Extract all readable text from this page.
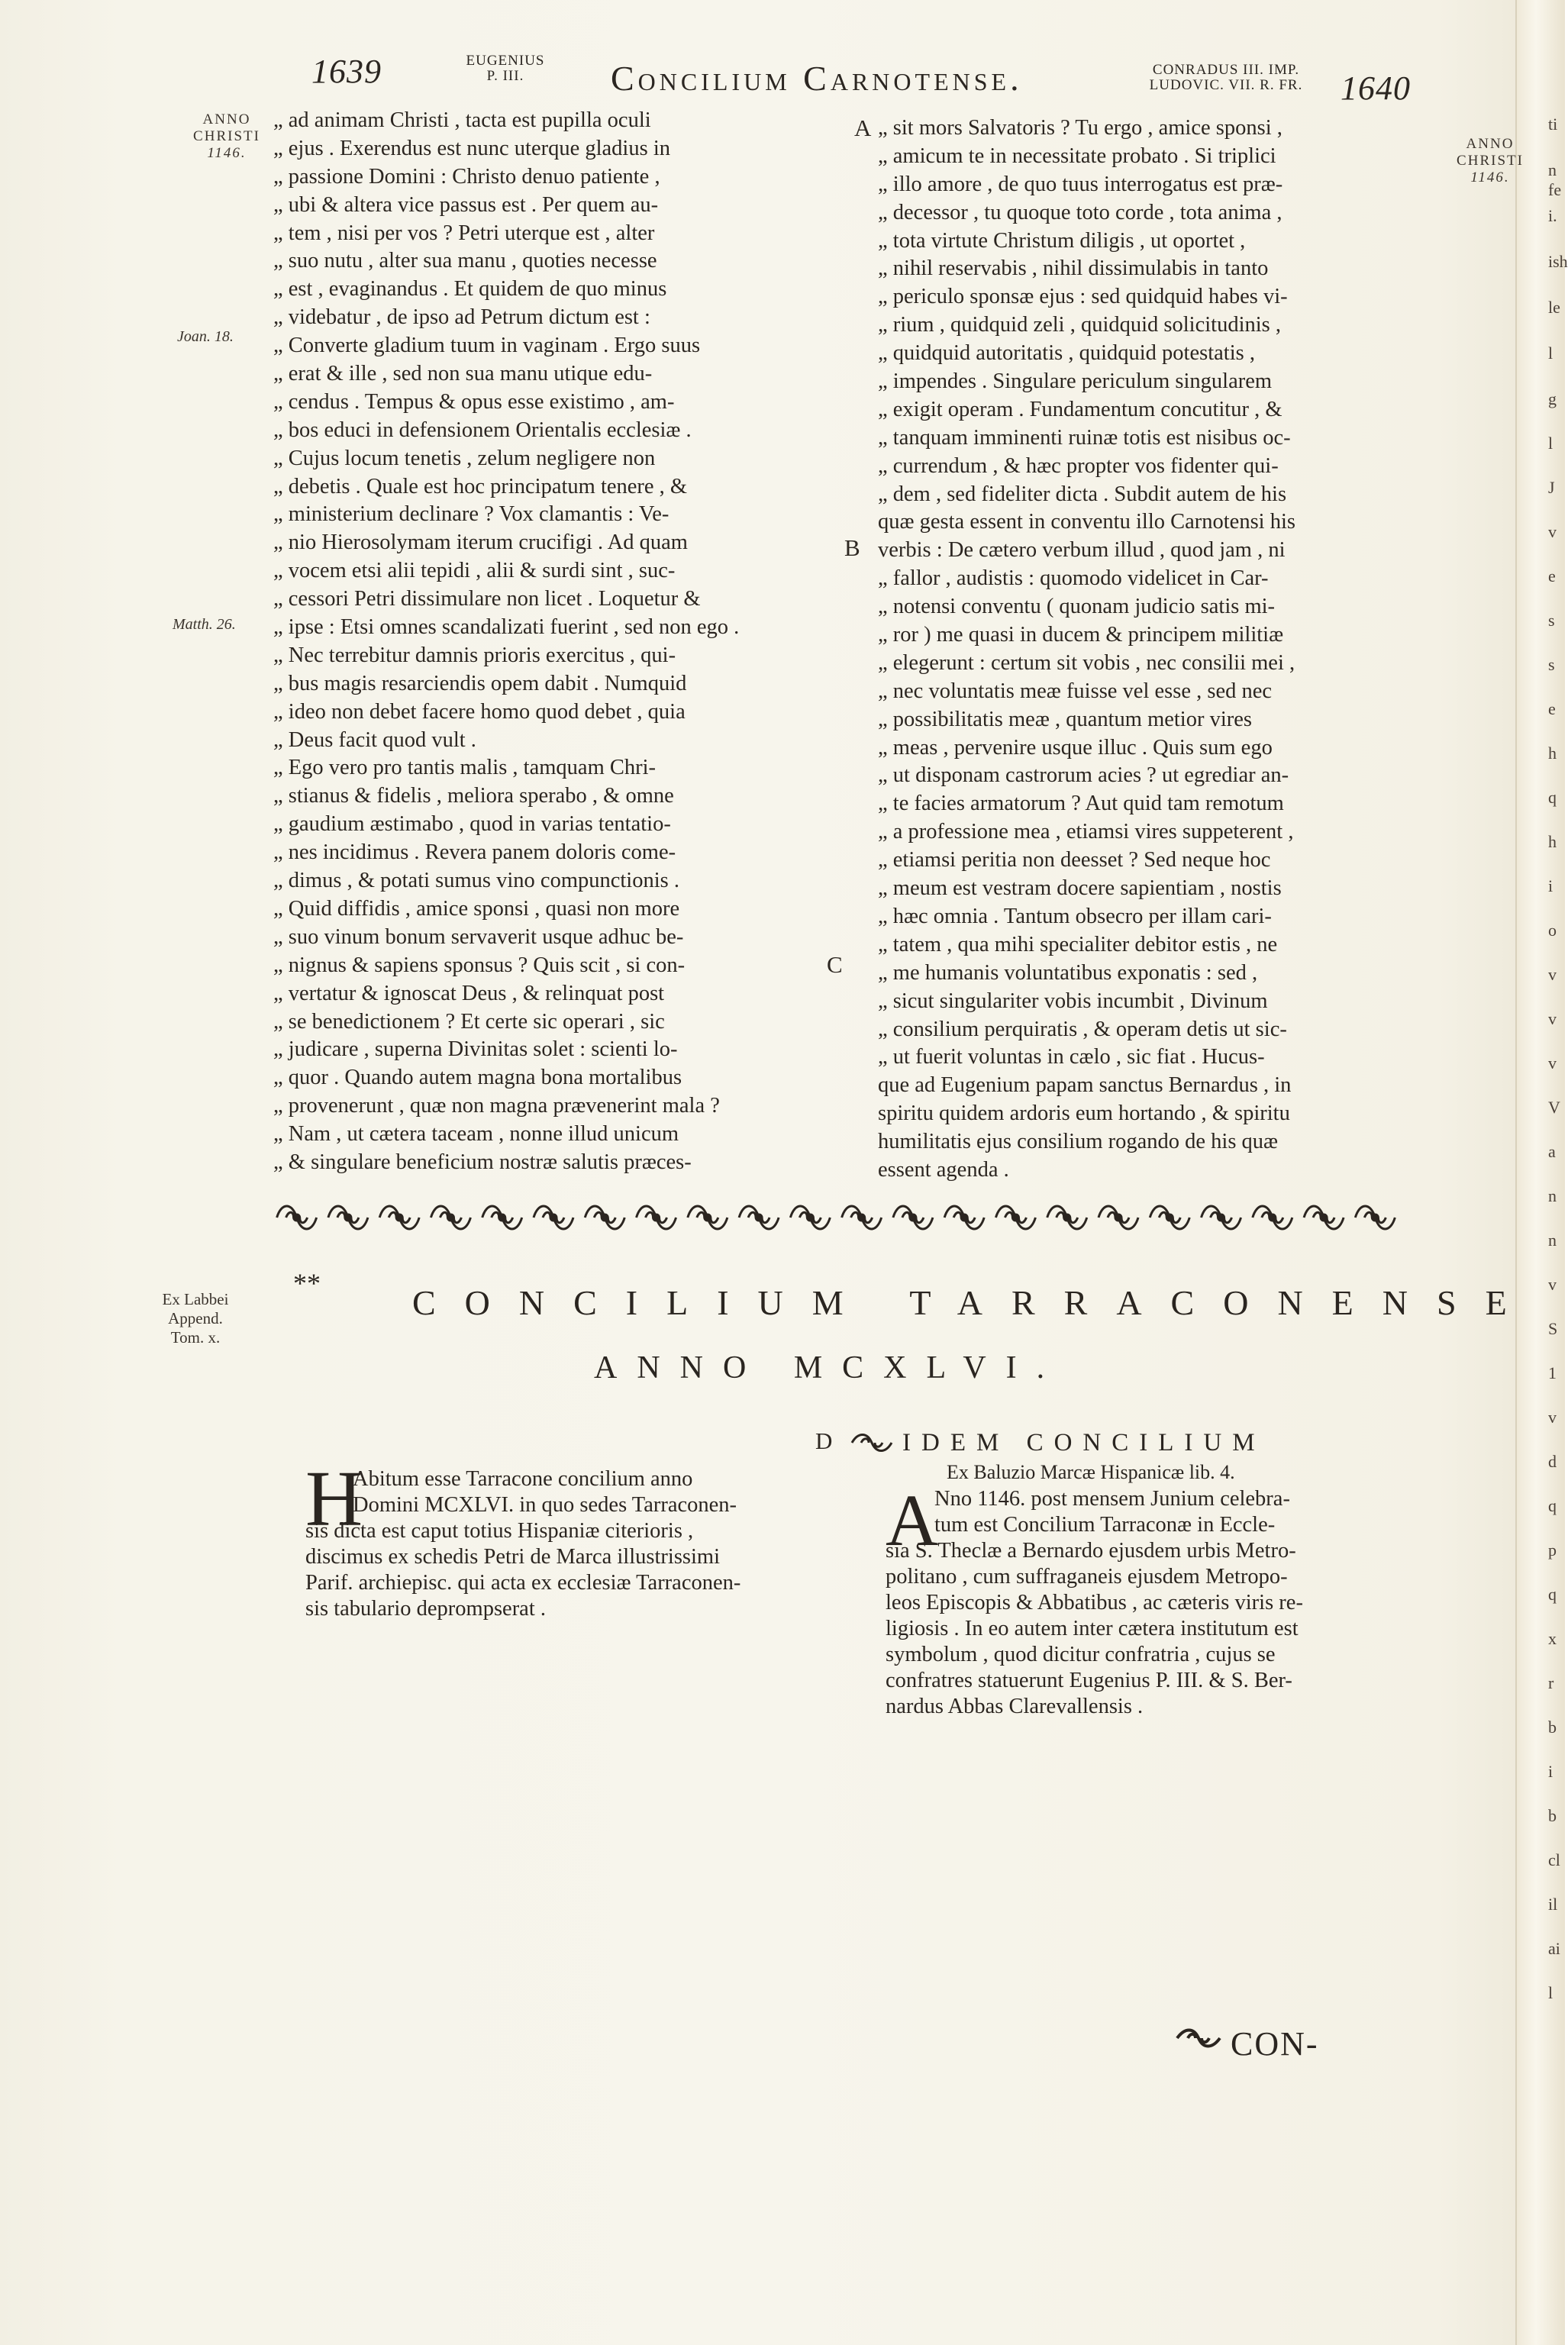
ti
n fe
i.
ish
le
l
g
l
J
v
e
s
s
e
h
q
h
i
o
v
v
v
V
a
n
n
v
S
1
v
d
q
p
q
x
r
b
i
b
cl
il
ai
l
1639	EUGENIUS
P. III.	Concilium Carnotense.	CONRADUS III. IMP.
LUDOVIC. VII. R. FR.	1640
ANNO
CHRISTI
1146.
Joan. 18.
Matth. 26.
ANNO
CHRISTI
1146.
A
B
C
D
„ ad animam Christi , tacta est pupilla oculi
„ ejus . Exerendus est nunc uterque gladius in
„ passione Domini : Christo denuo patiente ,
„ ubi & altera vice passus est . Per quem au-
„ tem , nisi per vos ? Petri uterque est , alter
„ suo nutu , alter sua manu , quoties necesse
„ est , evaginandus . Et quidem de quo minus
„ videbatur , de ipso ad Petrum dictum est :
„ Converte gladium tuum in vaginam . Ergo suus
„ erat & ille , sed non sua manu utique edu-
„ cendus . Tempus & opus esse existimo , am-
„ bos educi in defensionem Orientalis ecclesiæ .
„ Cujus locum tenetis , zelum negligere non
„ debetis . Quale est hoc principatum tenere , &
„ ministerium declinare ? Vox clamantis : Ve-
„ nio Hierosolymam iterum crucifigi . Ad quam
„ vocem etsi alii tepidi , alii & surdi sint , suc-
„ cessori Petri dissimulare non licet . Loquetur &
„ ipse : Etsi omnes scandalizati fuerint , sed non ego .
„ Nec terrebitur damnis prioris exercitus , qui-
„ bus magis resarciendis opem dabit . Numquid
„ ideo non debet facere homo quod debet , quia
„ Deus facit quod vult .
„ Ego vero pro tantis malis , tamquam Chri-
„ stianus & fidelis , meliora sperabo , & omne
„ gaudium æstimabo , quod in varias tentatio-
„ nes incidimus . Revera panem doloris come-
„ dimus , & potati sumus vino compunctionis .
„ Quid diffidis , amice sponsi , quasi non more
„ suo vinum bonum servaverit usque adhuc be-
„ nignus & sapiens sponsus ? Quis scit , si con-
„ vertatur & ignoscat Deus , & relinquat post
„ se benedictionem ? Et certe sic operari , sic
„ judicare , superna Divinitas solet : scienti lo-
„ quor . Quando autem magna bona mortalibus
„ provenerunt , quæ non magna prævenerint mala ?
„ Nam , ut cætera taceam , nonne illud unicum
„ & singulare beneficium nostræ salutis præces-
„ sit mors Salvatoris ? Tu ergo , amice sponsi ,
„ amicum te in necessitate probato . Si triplici
„ illo amore , de quo tuus interrogatus est præ-
„ decessor , tu quoque toto corde , tota anima ,
„ tota virtute Christum diligis , ut oportet ,
„ nihil reservabis , nihil dissimulabis in tanto
„ periculo sponsæ ejus : sed quidquid habes vi-
„ rium , quidquid zeli , quidquid solicitudinis ,
„ quidquid autoritatis , quidquid potestatis ,
„ impendes . Singulare periculum singularem
„ exigit operam . Fundamentum concutitur , &
„ tanquam imminenti ruinæ totis est nisibus oc-
„ currendum , & hæc propter vos fidenter qui-
„ dem , sed fideliter dicta . Subdit autem de his
quæ gesta essent in conventu illo Carnotensi his
verbis : De cætero verbum illud , quod jam , ni
„ fallor , audistis : quomodo videlicet in Car-
„ notensi conventu ( quonam judicio satis mi-
„ ror ) me quasi in ducem & principem militiæ
„ elegerunt : certum sit vobis , nec consilii mei ,
„ nec voluntatis meæ fuisse vel esse , sed nec
„ possibilitatis meæ , quantum metior vires
„ meas , pervenire usque illuc . Quis sum ego
„ ut disponam castrorum acies ? ut egrediar an-
„ te facies armatorum ? Aut quid tam remotum
„ a professione mea , etiamsi vires suppeterent ,
„ etiamsi peritia non deesset ? Sed neque hoc
„ meum est vestram docere sapientiam , nostis
„ hæc omnia . Tantum obsecro per illam cari-
„ tatem , qua mihi specialiter debitor estis , ne
„ me humanis voluntatibus exponatis : sed ,
„ sicut singulariter vobis incumbit , Divinum
„ consilium perquiratis , & operam detis ut sic-
„ ut fuerit voluntas in cælo , sic fiat . Hucus-
que ad Eugenium papam sanctus Bernardus , in
spiritu quidem ardoris eum hortando , & spiritu
humilitatis ejus consilium rogando de his quæ
essent agenda .
Ex Labbei
Append.
Tom. x.
**	CONCILIUM TARRACONENSE
ANNO MCXLVI.
H
Abitum esse Tarracone concilium anno
Domini MCXLVI. in quo sedes Tarraconen-
sis dicta est caput totius Hispaniæ citerioris ,
discimus ex schedis Petri de Marca illustrissimi
Parif. archiepisc. qui acta ex ecclesiæ Tarraconen-
sis tabulario deprompserat .
IDEM CONCILIUM
Ex Baluzio Marcæ Hispanicæ lib. 4.
A
Nno 1146. post mensem Junium celebra-
tum est Concilium Tarraconæ in Eccle-
sia S. Theclæ a Bernardo ejusdem urbis Metro-
politano , cum suffraganeis ejusdem Metropo-
leos Episcopis & Abbatibus , ac cæteris viris re-
ligiosis . In eo autem inter cætera institutum est
symbolum , quod dicitur confratria , cujus se
confratres statuerunt Eugenius P. III. & S. Ber-
nardus Abbas Clarevallensis .
CON-
